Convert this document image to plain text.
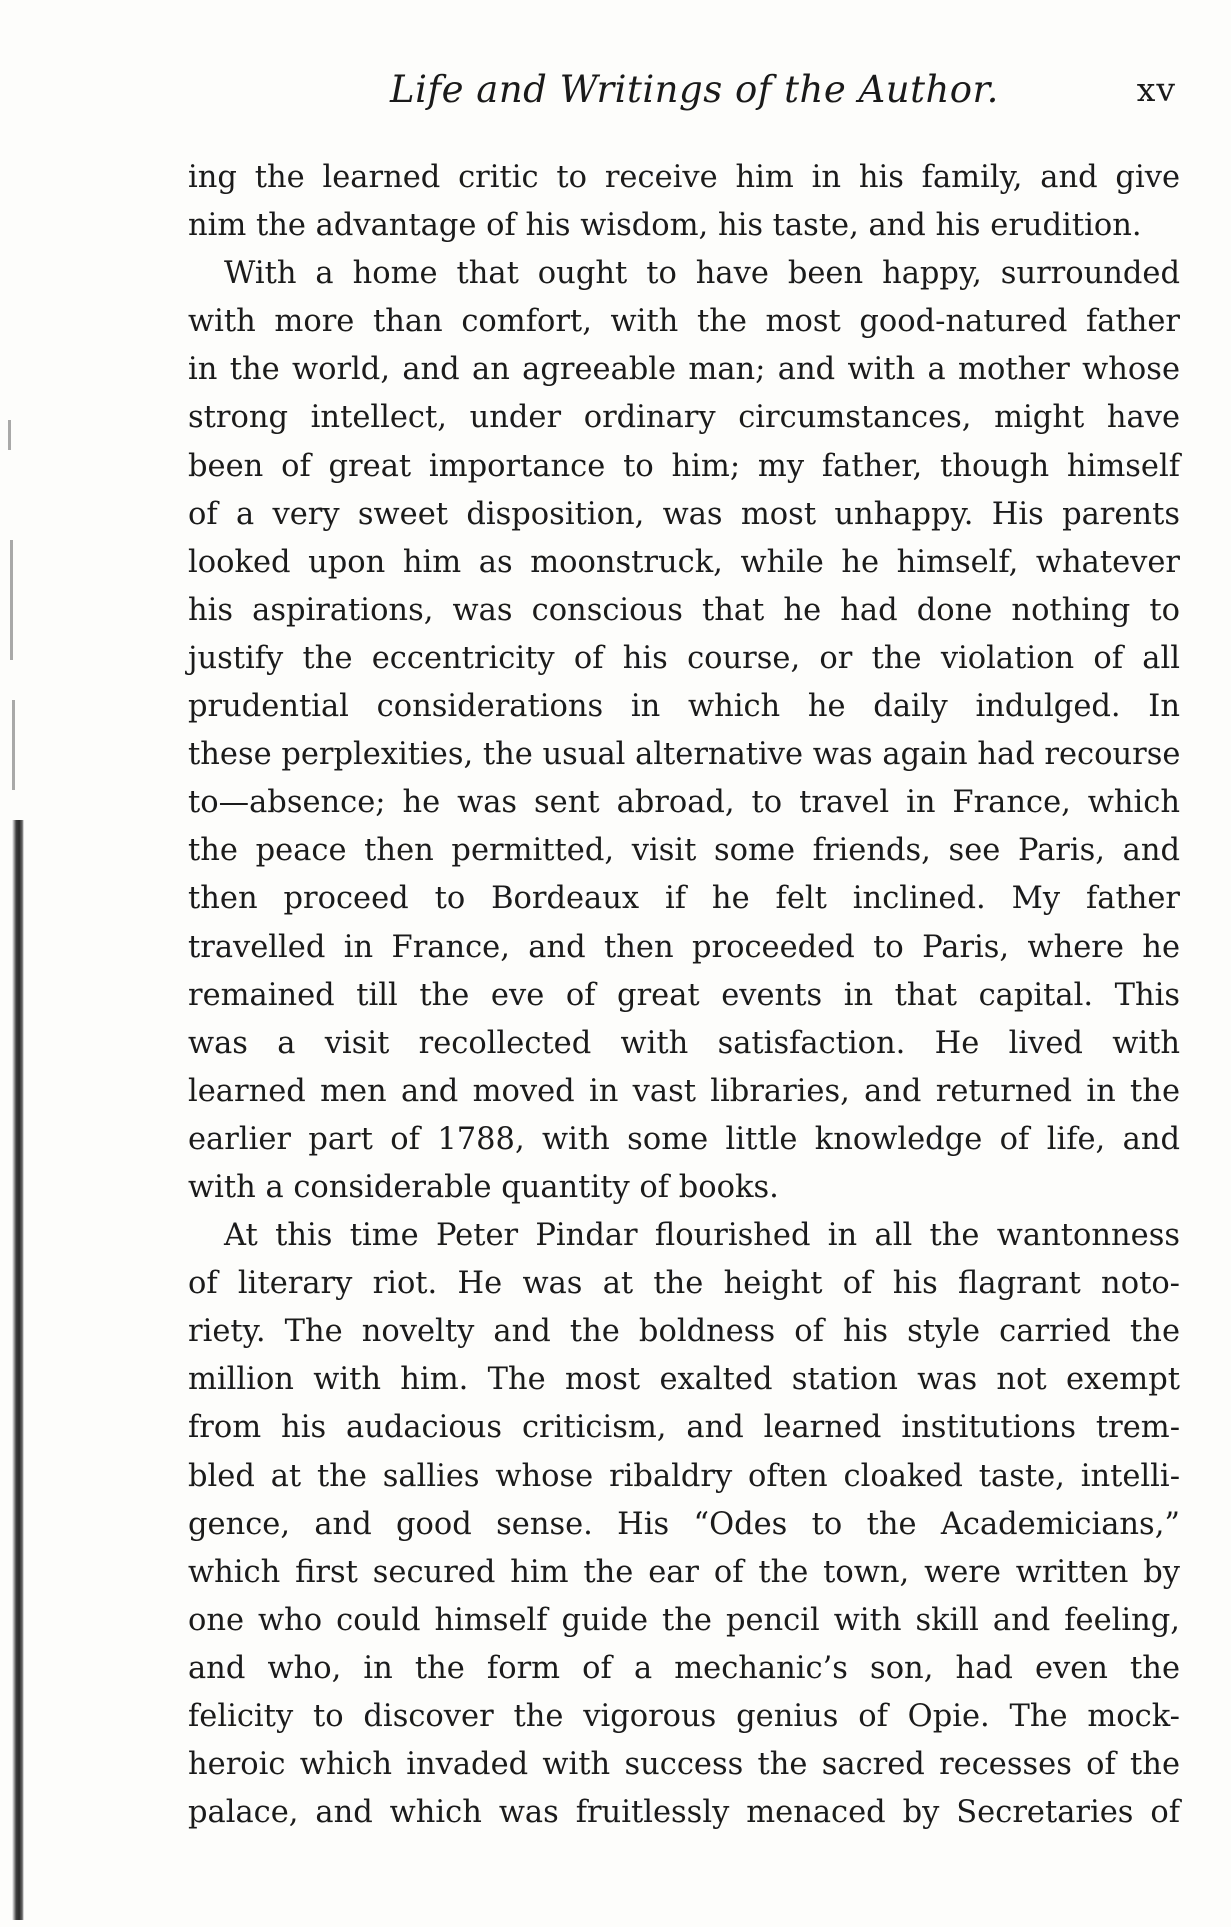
Life and Writings of the Author.	xv
ing the learned critic to receive him in his family, and give
nim the advantage of his wisdom, his taste, and his erudition.
With a home that ought to have been happy, surrounded
with more than comfort, with the most good-natured father
in the world, and an agreeable man; and with a mother whose
strong intellect, under ordinary circumstances, might have
been of great importance to him; my father, though himself
of a very sweet disposition, was most unhappy. His parents
looked upon him as moonstruck, while he himself, whatever
his aspirations, was conscious that he had done nothing to
justify the eccentricity of his course, or the violation of all
prudential considerations in which he daily indulged. In
these perplexities, the usual alternative was again had recourse
to—absence; he was sent abroad, to travel in France, which
the peace then permitted, visit some friends, see Paris, and
then proceed to Bordeaux if he felt inclined. My father
travelled in France, and then proceeded to Paris, where he
remained till the eve of great events in that capital. This
was a visit recollected with satisfaction. He lived with
learned men and moved in vast libraries, and returned in the
earlier part of 1788, with some little knowledge of life, and
with a considerable quantity of books.
At this time Peter Pindar flourished in all the wantonness
of literary riot. He was at the height of his flagrant noto-
riety. The novelty and the boldness of his style carried the
million with him. The most exalted station was not exempt
from his audacious criticism, and learned institutions trem-
bled at the sallies whose ribaldry often cloaked taste, intelli-
gence, and good sense. His “Odes to the Academicians,”
which first secured him the ear of the town, were written by
one who could himself guide the pencil with skill and feeling,
and who, in the form of a mechanic’s son, had even the
felicity to discover the vigorous genius of Opie. The mock-
heroic which invaded with success the sacred recesses of the
palace, and which was fruitlessly menaced by Secretaries of
